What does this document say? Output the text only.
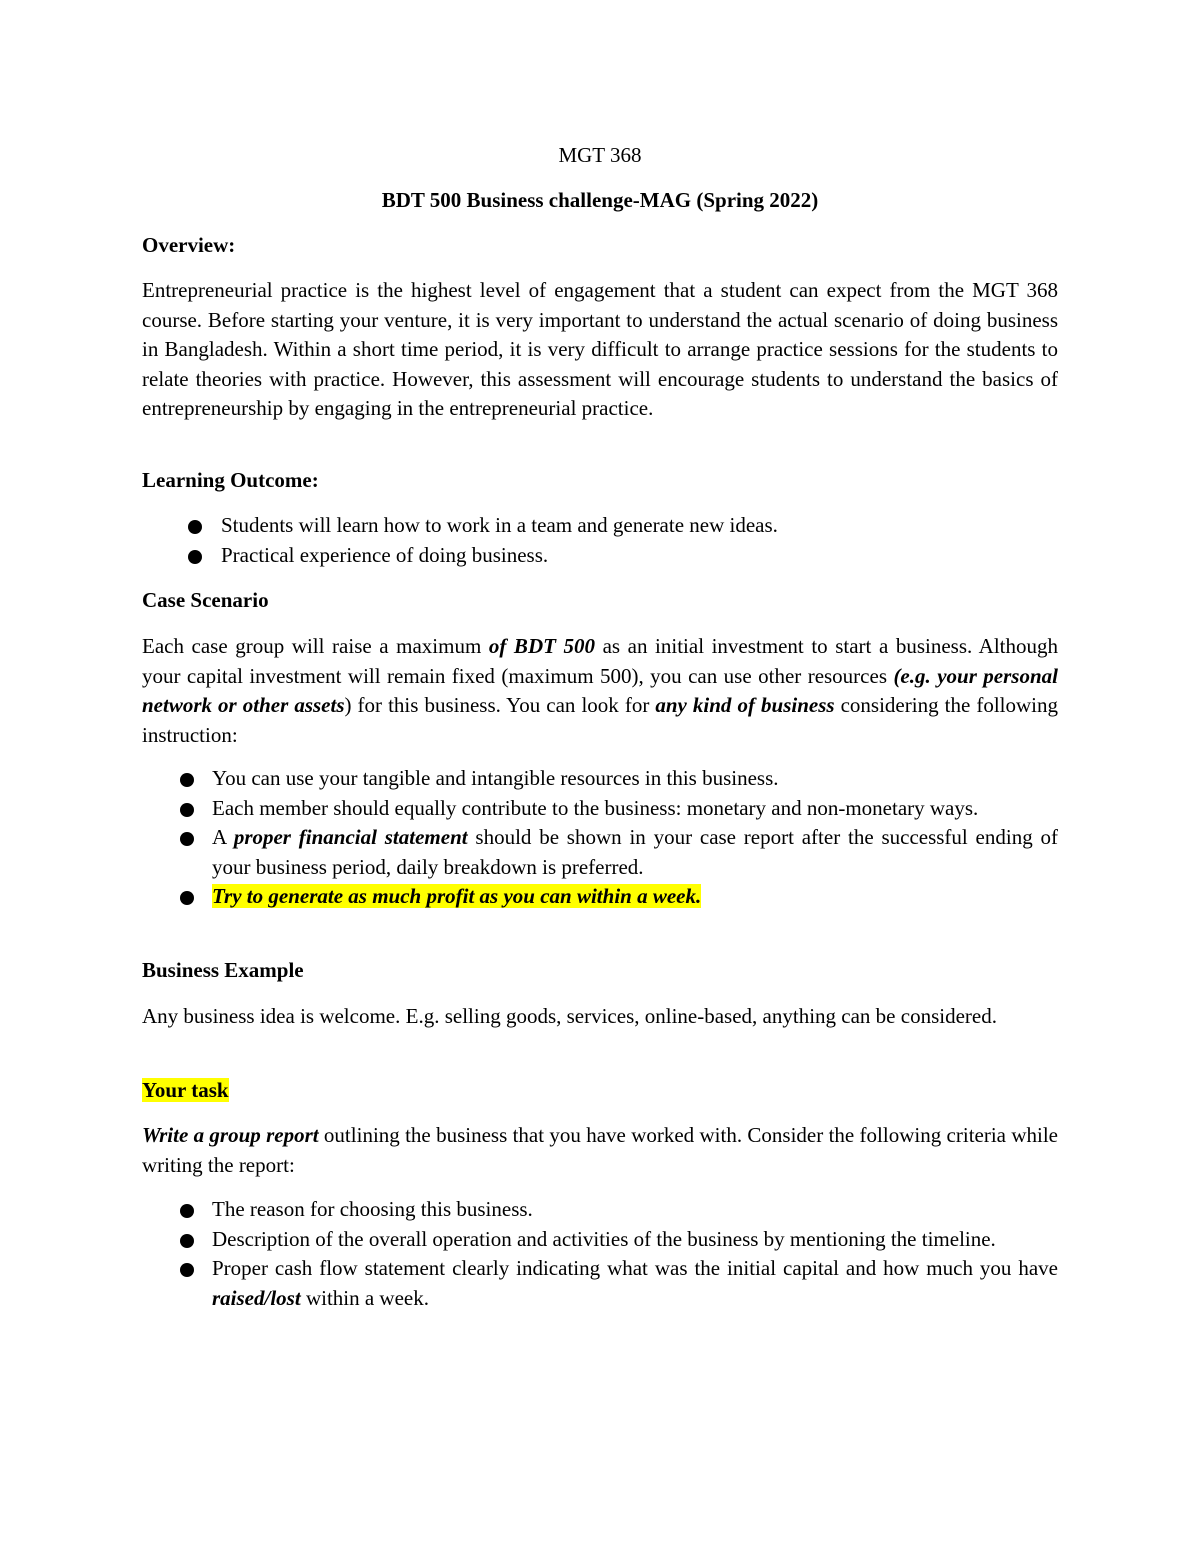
MGT 368
BDT 500 Business challenge-MAG (Spring 2022)
Overview:

Entrepreneurial practice is the highest level of engagement that a student can expect from the MGT 368 course. Before starting your venture, it is very important to understand the actual scenario of doing business in Bangladesh. Within a short time period, it is very difficult to arrange practice sessions for the students to relate theories with practice. However, this assessment will encourage students to understand the basics of entrepreneurship by engaging in the entrepreneurial practice.

Learning Outcome:
Students will learn how to work in a team and generate new ideas.
Practical experience of doing business.
Case Scenario

Each case group will raise a maximum of BDT 500 as an initial investment to start a business. Although your capital investment will remain fixed (maximum 500), you can use other resources (e.g. your personal network or other assets) for this business. You can look for any kind of business considering the following instruction:

You can use your tangible and intangible resources in this business.
Each member should equally contribute to the business: monetary and non-monetary ways.
A proper financial statement should be shown in your case report after the successful ending of your business period, daily breakdown is preferred.
Try to generate as much profit as you can within a week.
Business Example

Any business idea is welcome. E.g. selling goods, services, online-based, anything can be considered.

Your task

Write a group report outlining the business that you have worked with. Consider the following criteria while writing the report:

The reason for choosing this business.
Description of the overall operation and activities of the business by mentioning the timeline.
Proper cash flow statement clearly indicating what was the initial capital and how much you have raised/lost within a week.
